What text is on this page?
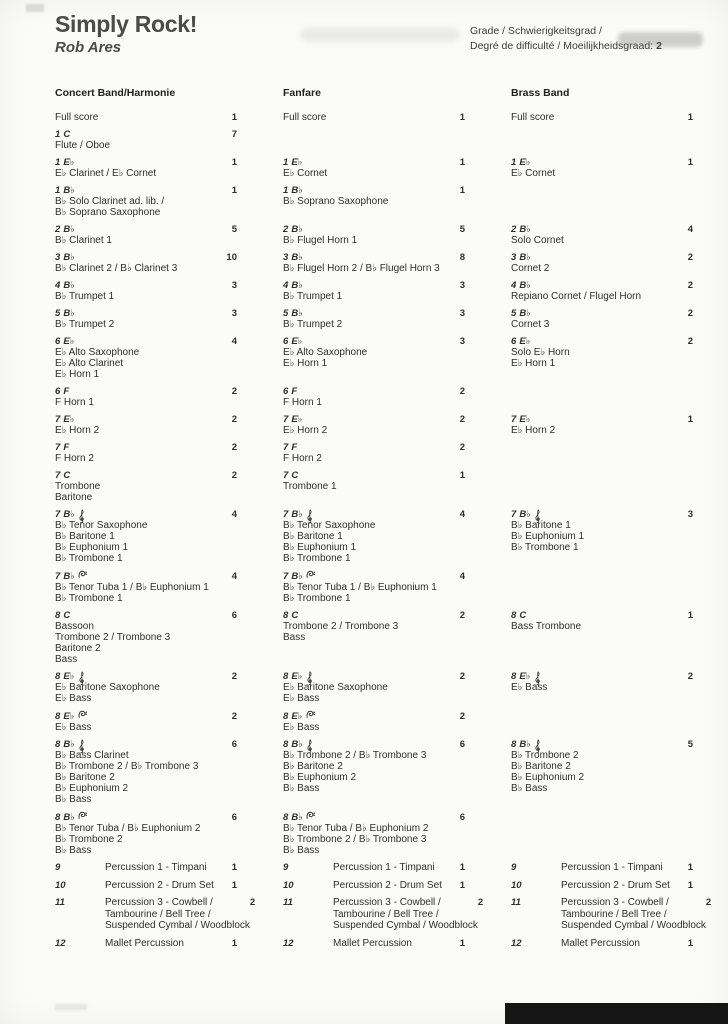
Simply Rock!
Rob Ares
Grade / Schwierigkeitsgrad /
Degré de difficulté / Moeilijkheidsgraad: 2
Concert Band/Harmonie
Full score	1
1 C	7
Flute / Oboe
1 E♭	1
E♭ Clarinet / E♭ Cornet
1 B♭	1
B♭ Solo Clarinet ad. lib. /
B♭ Soprano Saxophone
2 B♭	5
B♭ Clarinet 1
3 B♭	10
B♭ Clarinet 2 / B♭ Clarinet 3
4 B♭	3
B♭ Trumpet 1
5 B♭	3
B♭ Trumpet 2
6 E♭	4
E♭ Alto Saxophone
E♭ Alto Clarinet
E♭ Horn 1
6 F	2
F Horn 1
7 E♭	2
E♭ Horn 2
7 F	2
F Horn 2
7 C	2
Trombone
Baritone
7 B♭	4
B♭ Tenor Saxophone
B♭ Baritone 1
B♭ Euphonium 1
B♭ Trombone 1
7 B♭	4
B♭ Tenor Tuba 1 / B♭ Euphonium 1
B♭ Trombone 1
8 C	6
Bassoon
Trombone 2 / Trombone 3
Baritone 2
Bass
8 E♭	2
E♭ Baritone Saxophone
E♭ Bass
8 E♭	2
E♭ Bass
8 B♭	6
B♭ Bass Clarinet
B♭ Trombone 2 / B♭ Trombone 3
B♭ Baritone 2
B♭ Euphonium 2
B♭ Bass
8 B♭	6
B♭ Tenor Tuba / B♭ Euphonium 2
B♭ Trombone 2
B♭ Bass
9	Percussion 1 - Timpani	1
10	Percussion 2 - Drum Set	1
11	Percussion 3 - Cowbell /
Tambourine / Bell Tree /
Suspended Cymbal / Woodblock
2
12	Mallet Percussion	1
Fanfare
Full score	1
1 E♭	1
E♭ Cornet
1 B♭	1
B♭ Soprano Saxophone
2 B♭	5
B♭ Flugel Horn 1
3 B♭	8
B♭ Flugel Horn 2 / B♭ Flugel Horn 3
4 B♭	3
B♭ Trumpet 1
5 B♭	3
B♭ Trumpet 2
6 E♭	3
E♭ Alto Saxophone
E♭ Horn 1
6 F	2
F Horn 1
7 E♭	2
E♭ Horn 2
7 F	2
F Horn 2
7 C	1
Trombone 1
7 B♭	4
B♭ Tenor Saxophone
B♭ Baritone 1
B♭ Euphonium 1
B♭ Trombone 1
7 B♭	4
B♭ Tenor Tuba 1 / B♭ Euphonium 1
B♭ Trombone 1
8 C	2
Trombone 2 / Trombone 3
Bass
8 E♭	2
E♭ Baritone Saxophone
E♭ Bass
8 E♭	2
E♭ Bass
8 B♭	6
B♭ Trombone 2 / B♭ Trombone 3
B♭ Baritone 2
B♭ Euphonium 2
B♭ Bass
8 B♭	6
B♭ Tenor Tuba / B♭ Euphonium 2
B♭ Trombone 2 / B♭ Trombone 3
B♭ Bass
9	Percussion 1 - Timpani	1
10	Percussion 2 - Drum Set	1
11	Percussion 3 - Cowbell /
Tambourine / Bell Tree /
Suspended Cymbal / Woodblock
2
12	Mallet Percussion	1
Brass Band
Full score	1
1 E♭	1
E♭ Cornet
2 B♭	4
Solo Cornet
3 B♭	2
Cornet 2
4 B♭	2
Repiano Cornet / Flugel Horn
5 B♭	2
Cornet 3
6 E♭	2
Solo E♭ Horn
E♭ Horn 1
7 E♭	1
E♭ Horn 2
7 B♭	3
B♭ Baritone 1
B♭ Euphonium 1
B♭ Trombone 1
8 C	1
Bass Trombone
8 E♭	2
E♭ Bass
8 B♭	5
B♭ Trombone 2
B♭ Baritone 2
B♭ Euphonium 2
B♭ Bass
9	Percussion 1 - Timpani	1
10	Percussion 2 - Drum Set	1
11	Percussion 3 - Cowbell /
Tambourine / Bell Tree /
Suspended Cymbal / Woodblock
2
12	Mallet Percussion	1
